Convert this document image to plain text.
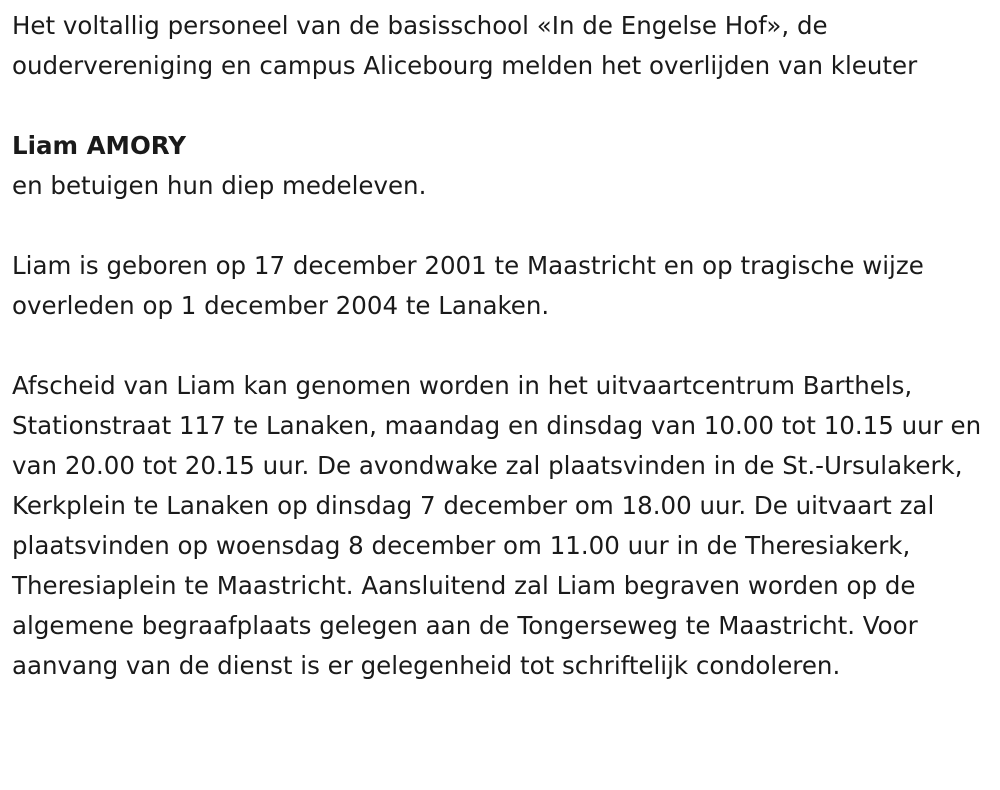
Het voltallig personeel van de basisschool «In de Engelse Hof», de oudervereniging en campus Alicebourg melden het overlijden van kleuter

Liam AMORY

en betuigen hun diep medeleven.

Liam is geboren op 17 december 2001 te Maastricht en op tragische wijze overleden op 1 december 2004 te Lanaken.

Afscheid van Liam kan genomen worden in het uitvaartcentrum Barthels, Stationstraat 117 te Lanaken, maandag en dinsdag van 10.00 tot 10.15 uur en van 20.00 tot 20.15 uur. De avondwake zal plaatsvinden in de St.-Ursulakerk, Kerkplein te Lanaken op dinsdag 7 december om 18.00 uur. De uitvaart zal plaatsvinden op woensdag 8 december om 11.00 uur in de Theresiakerk, Theresiaplein te Maastricht. Aansluitend zal Liam begraven worden op de algemene begraafplaats gelegen aan de Tongerseweg te Maastricht. Voor aanvang van de dienst is er gelegenheid tot schriftelijk condoleren.
